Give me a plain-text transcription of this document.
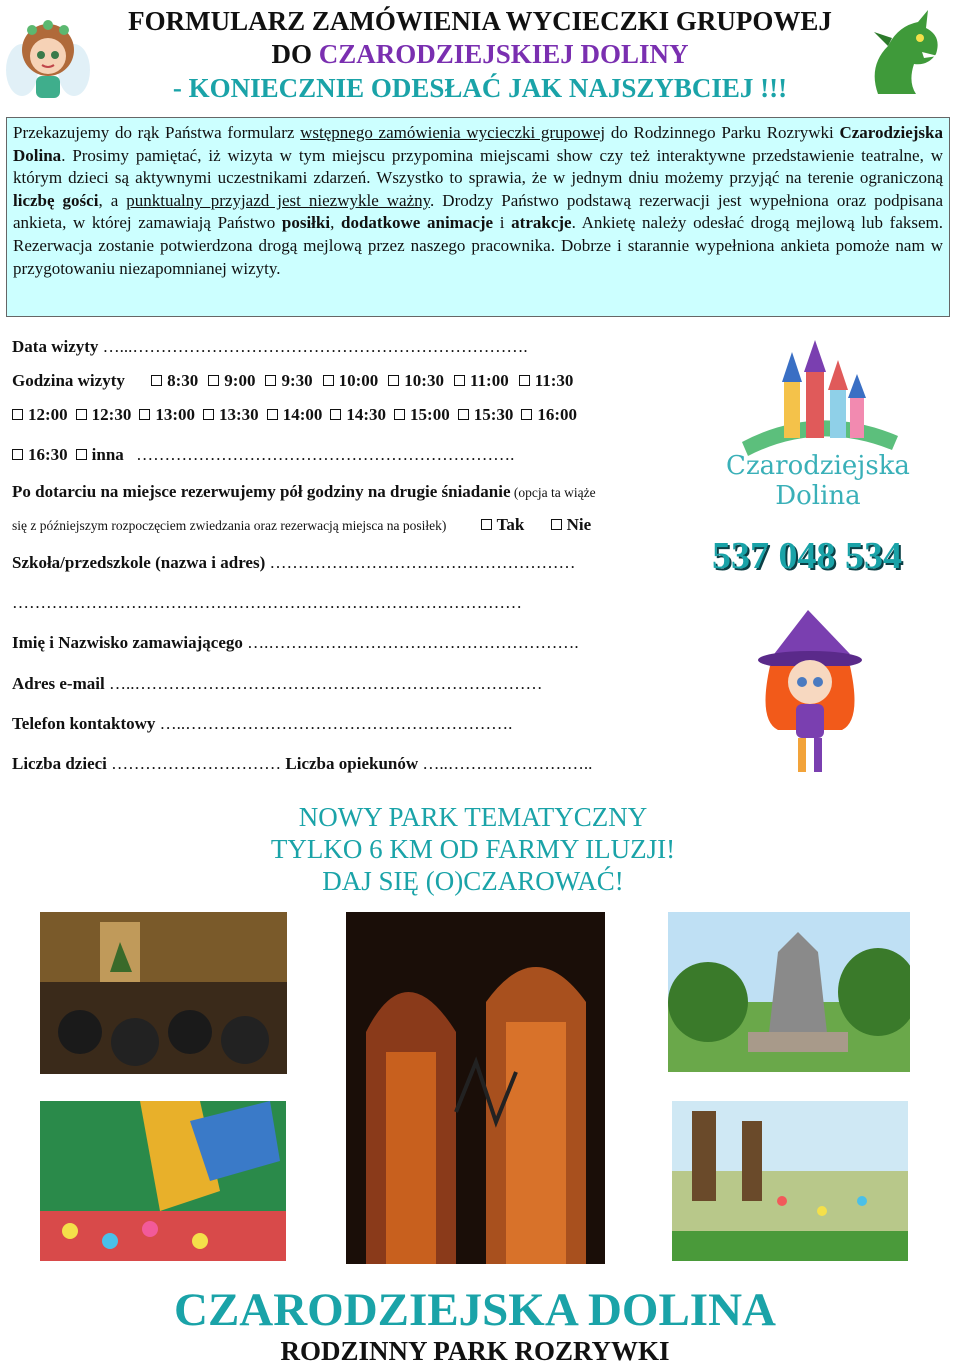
FORMULARZ ZAMÓWIENIA WYCIECZKI GRUPOWEJ
DO CZARODZIEJSKIEJ DOLINY
- KONIECZNIE ODESŁAĆ JAK NAJSZYBCIEJ !!!

Przekazujemy do rąk Państwa formularz wstępnego zamówienia wycieczki grupowej do Rodzinnego Parku Rozrywki Czarodziejska Dolina. Prosimy pamiętać, iż wizyta w tym miejscu przypomina miejscami show czy też interaktywne przedstawienie teatralne, w którym dzieci są aktywnymi uczestnikami zdarzeń. Wszystko to sprawia, że w jednym dniu możemy przyjąć na terenie ograniczoną liczbę gości, a punktualny przyjazd jest niezwykle ważny. Drodzy Państwo podstawą rezerwacji jest wypełniona oraz podpisana ankieta, w której zamawiają Państwo posiłki, dodatkowe animacje i atrakcje. Ankietę należy odesłać drogą mejlową lub faksem. Rezerwacja zostanie potwierdzona drogą mejlową przez naszego pracownika. Dobrze i starannie wypełniona ankieta pomoże nam w przygotowaniu niezapomnianej wizyty.

Data wizyty …...…………………………………………………………….
Godzina wizyty 8:30 9:00 9:30 10:00 10:30 11:00 11:30
12:00 12:30 13:00 13:30 14:00 14:30 15:00 15:30 16:00
16:30 inna ………………………………………………………….
Po dotarciu na miejsce rezerwujemy pół godziny na drugie śniadanie (opcja ta wiąże
się z późniejszym rozpoczęciem zwiedzania oraz rezerwacją miejsca na posiłek)	Tak Nie
Szkoła/przedszkole (nazwa i adres) ………………………………………………
………………………………………………………………………………
Imię i Nazwisko zamawiającego ….……………………………………………….
Adres e-mail …..………………………………………………………………
Telefon kontaktowy …..………………………………………………….
Liczba dzieci ………………………… Liczba opiekunów …..……………………..
Czarodziejska
Dolina
537 048 534
NOWY PARK TEMATYCZNY
TYLKO 6 KM OD FARMY ILUZJI!
DAJ SIĘ (O)CZAROWAĆ!
CZARODZIEJSKA DOLINA
RODZINNY PARK ROZRYWKI
